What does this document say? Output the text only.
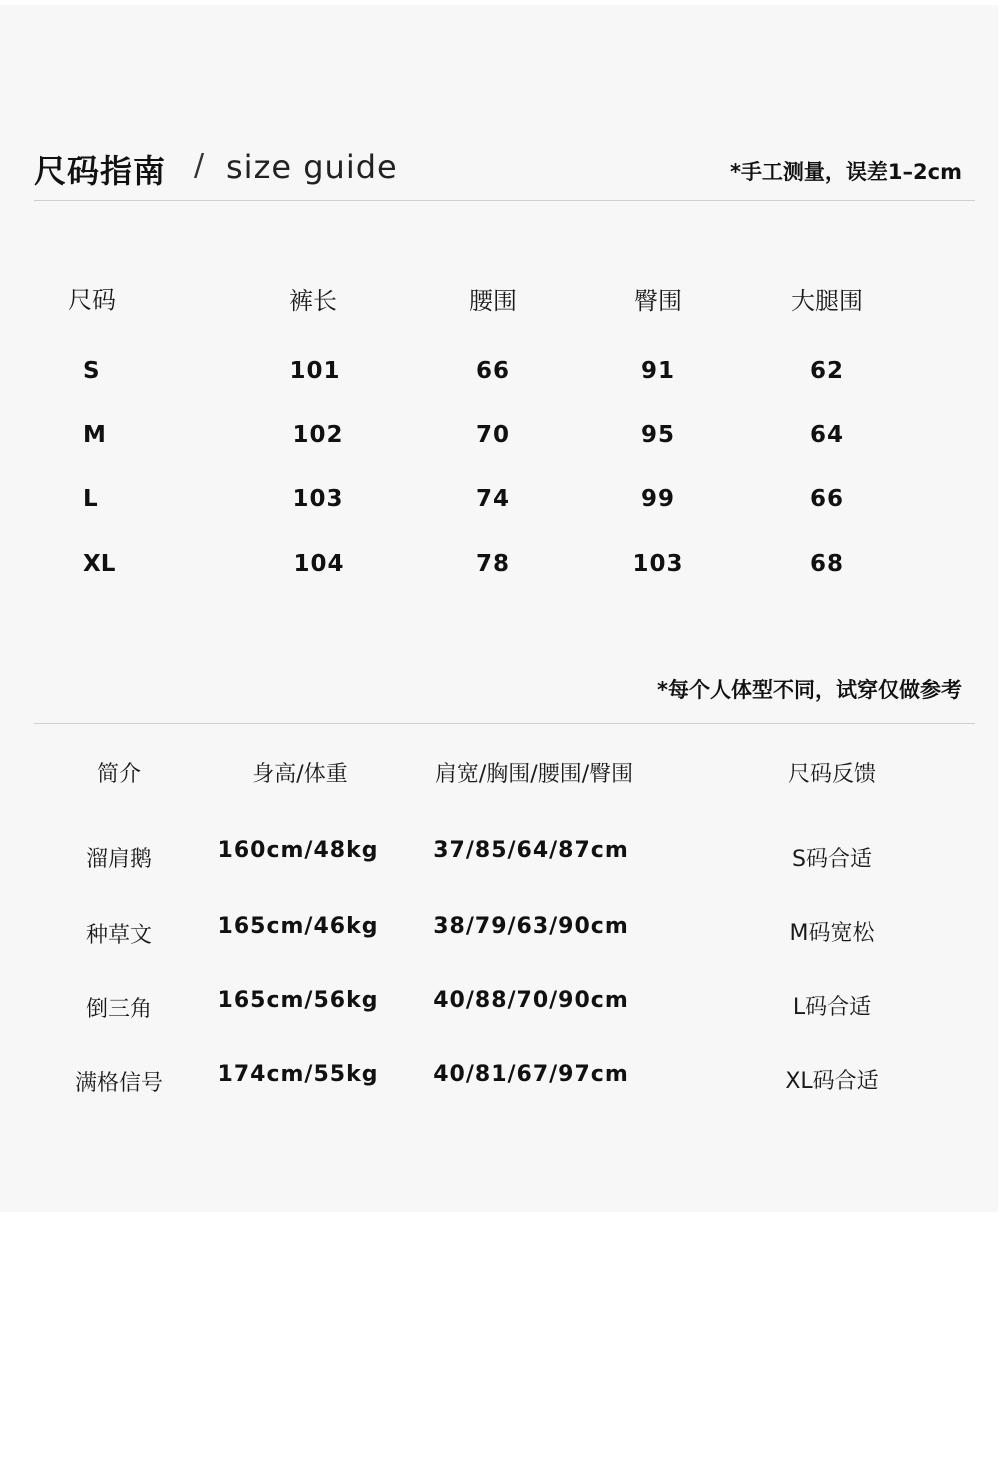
尺码指南 / size guide	*手工测量，误差1–2cm
尺码	裤长	腰围	臀围	大腿围
S	101	66	91	62
M	102	70	95	64
L	103	74	99	66
XL	104	78	103	68
*每个人体型不同，试穿仅做参考
简介	身高/体重	肩宽/胸围/腰围/臀围	尺码反馈
溜肩鹅	160cm/48kg 37/85/64/87cm	S码合适
种草文	165cm/46kg 38/79/63/90cm	M码宽松
倒三角	165cm/56kg 40/88/70/90cm	L码合适
满格信号 174cm/55kg 40/81/67/97cm	XL码合适
